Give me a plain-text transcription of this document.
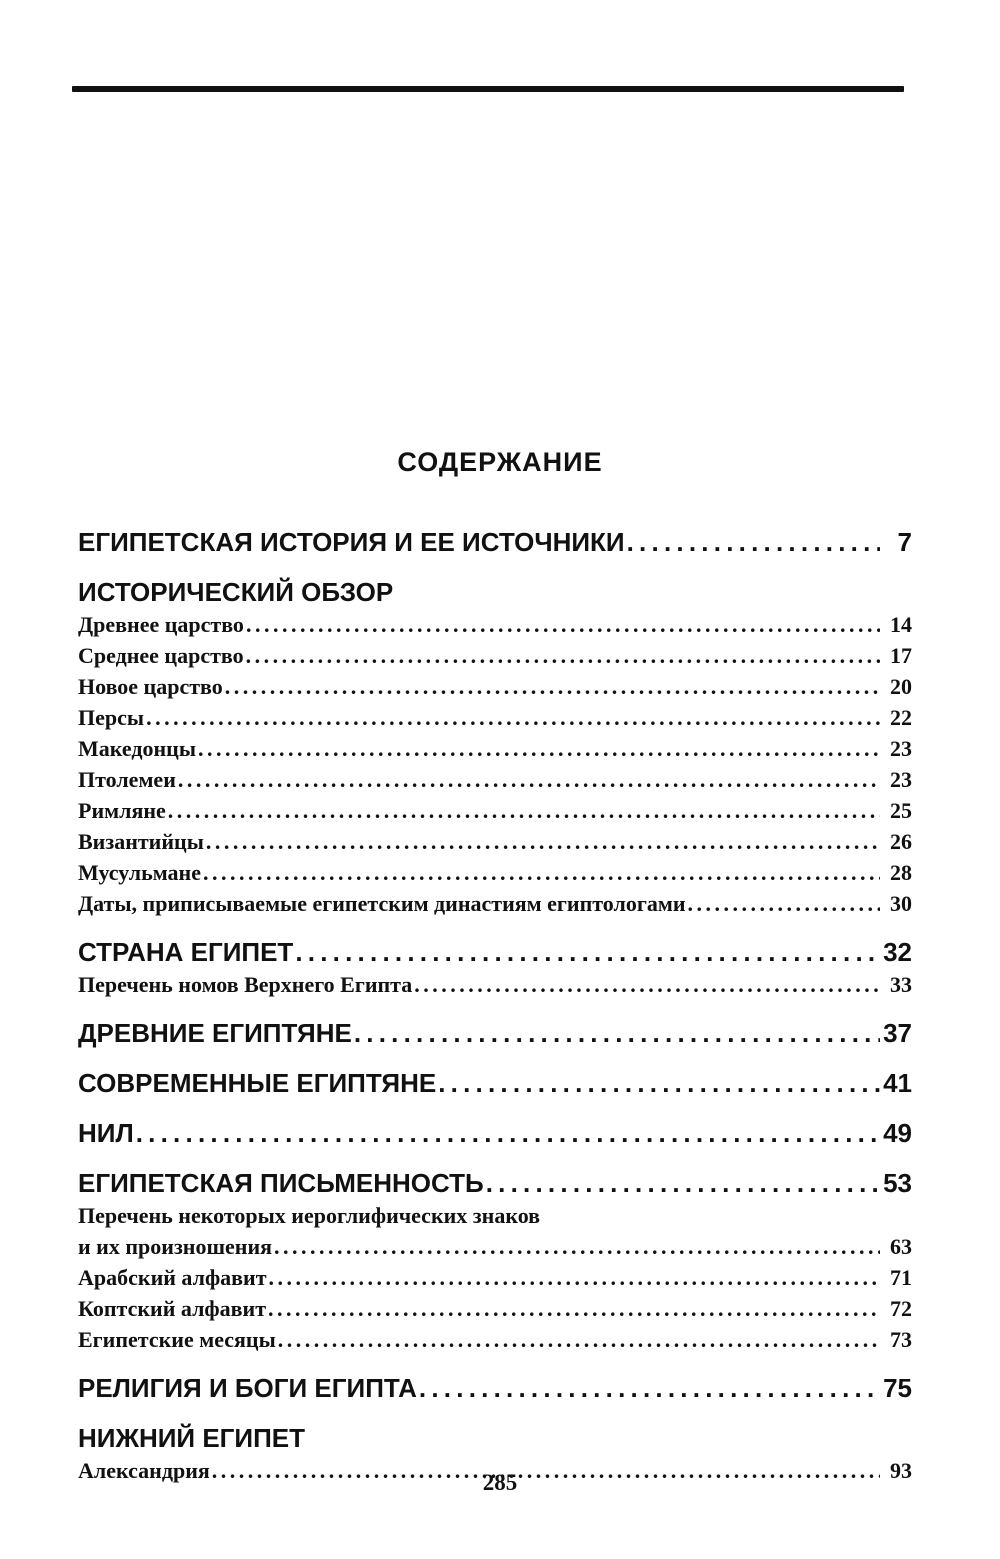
СОДЕРЖАНИЕ
ЕГИПЕТСКАЯ ИСТОРИЯ И ЕЕ ИСТОЧНИКИ . . .	7
ИСТОРИЧЕСКИЙ ОБЗОР
Древнее царство . . .	14
Среднее царство . . .	17
Новое царство . . .	20
Персы . . .	22
Македонцы . . .	23
Птолемеи . . .	23
Римляне . . .	25
Византийцы . . .	26
Мусульмане . . .	28
Даты, приписываемые египетским династиям египтологами . . .	30
СТРАНА ЕГИПЕТ . . .	32
Перечень номов Верхнего Египта . . .	33
ДРЕВНИЕ ЕГИПТЯНЕ . . .	37
СОВРЕМЕННЫЕ ЕГИПТЯНЕ . . .	41
НИЛ . . .	49
ЕГИПЕТСКАЯ ПИСЬМЕННОСТЬ . . .	53
Перечень некоторых иероглифических знаков
и их произношения . . .	63
Арабский алфавит . . .	71
Коптский алфавит . . .	72
Египетские месяцы . . .	73
РЕЛИГИЯ И БОГИ ЕГИПТА . . .	75
НИЖНИЙ ЕГИПЕТ
Александрия . . .	93
285
